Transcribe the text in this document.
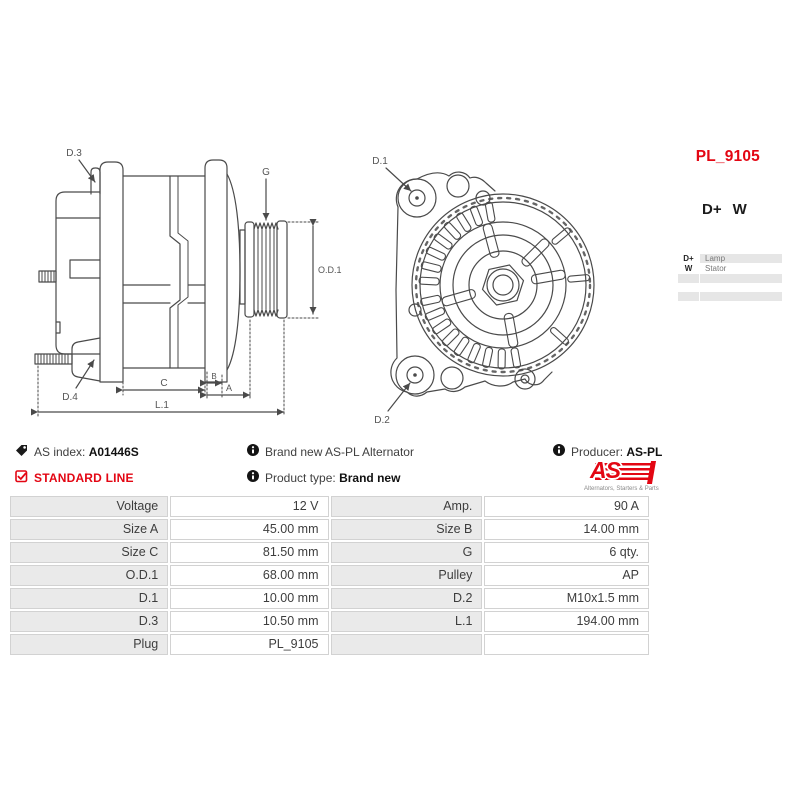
PL_9105
D+ W
D+	Lamp
W	Stator
D.3
D.4
G
O.D.1
C
B
A
L.1
D.1
D.2
AS index: A01446S	Brand new AS-PL Alternator	Producer: AS-PL
STANDARD LINE	Product type: Brand new	AS
Alternators, Starters & Parts
Voltage	12 V	Amp.	90 A
Size A	45.00 mm	Size B	14.00 mm
Size C	81.50 mm	G	6 qty.
O.D.1	68.00 mm	Pulley	AP
D.1	10.00 mm	D.2	M10x1.5 mm
D.3	10.50 mm	L.1	194.00 mm
Plug	PL_9105		
